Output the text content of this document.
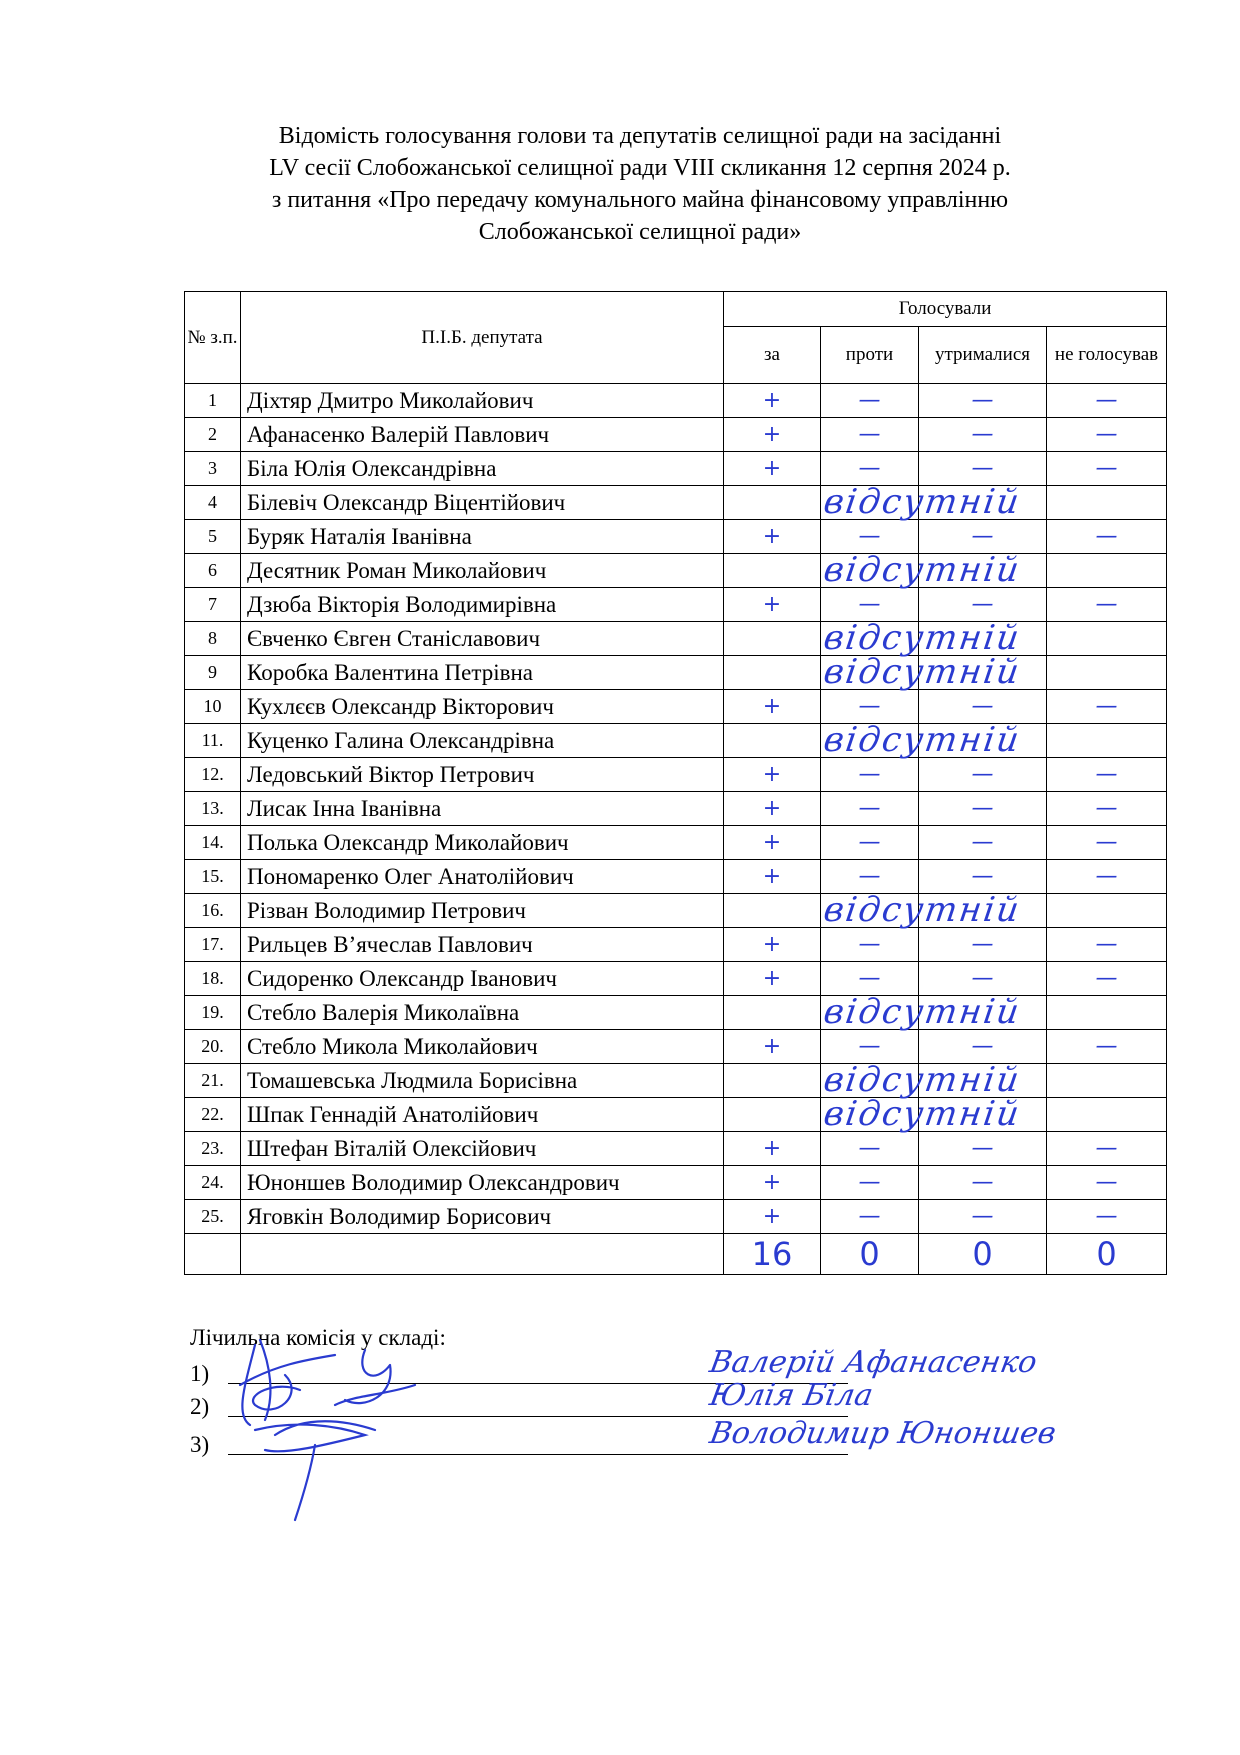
Відомість голосування голови та депутатів селищної ради на засіданні
LV сесії Слобожанської селищної ради VIII скликання 12 серпня 2024 р.
з питання «Про передачу комунального майна фінансовому управлінню
Слобожанської селищної ради»
№ з.п.	П.І.Б. депутата	Голосували			
		за	проти	утрималися	не голосував
1	Діхтяр Дмитро Миколайович	+	—	—	—
2	Афанасенко Валерій Павлович	+	—	—	—
3	Біла Юлія Олександрівна	+	—	—	—
4	Білевіч Олександр Віцентійович	відсутній			

5	Буряк Наталія Іванівна	+	—	—	—
6	Десятник Роман Миколайович	відсутній			

7	Дзюба Вікторія Володимирівна	+	—	—	—
8	Євченко Євген Станіславович	відсутній			

9	Коробка Валентина Петрівна	відсутній			

10	Кухлєєв Олександр Вікторович	+	—	—	—
11.	Куценко Галина Олександрівна	відсутній			

12.	Ледовський Віктор Петрович	+	—	—	—
13.	Лисак Інна Іванівна	+	—	—	—
14.	Полька Олександр Миколайович	+	—	—	—
15.	Пономаренко Олег Анатолійович	+	—	—	—
16.	Різван Володимир Петрович	відсутній			

17.	Рильцев В’ячеслав Павлович	+	—	—	—
18.	Сидоренко Олександр Іванович	+	—	—	—
19.	Стебло Валерія Миколаївна	відсутній			

20.	Стебло Микола Миколайович	+	—	—	—
21.	Томашевська Людмила Борисівна	відсутній			

22.	Шпак Геннадій Анатолійович	відсутній			

23.	Штефан Віталій Олексійович	+	—	—	—
24.	Юноншев Володимир Олександрович	+	—	—	—
25.	Яговкін Володимир Борисович	+	—	—	—
		16	0	0	0
Лічильна комісія у складі:
1)	Валерій Афанасенко
2)	Юлія Біла
3)	Володимир Юноншев
